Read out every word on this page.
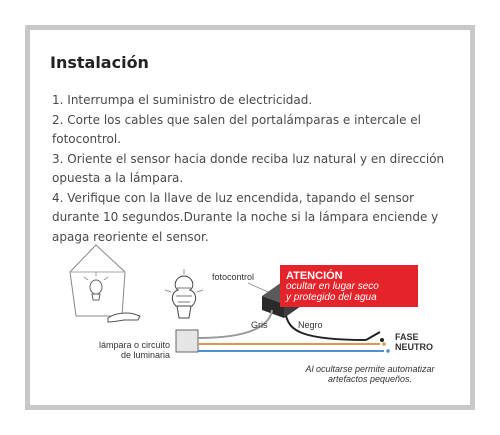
Instalación
1. Interrumpa el suministro de electricidad.
2. Corte los cables que salen del portalámparas e intercale el fotocontrol.
3. Oriente el sensor hacia donde reciba luz natural y en dirección opuesta a la lámpara.
4. Verifique con la llave de luz encendida, tapando el sensor durante 10 segundos.Durante la noche si la lámpara enciende y apaga reoriente el sensor.
ATENCIÓN
ocultar en lugar seco
y protegido del agua
fotocontrol
Gris	Negro
FASE
NEUTRO
lámpara o circuito
de luminaria
Al ocultarse permite automatizar
artefactos pequeños.
